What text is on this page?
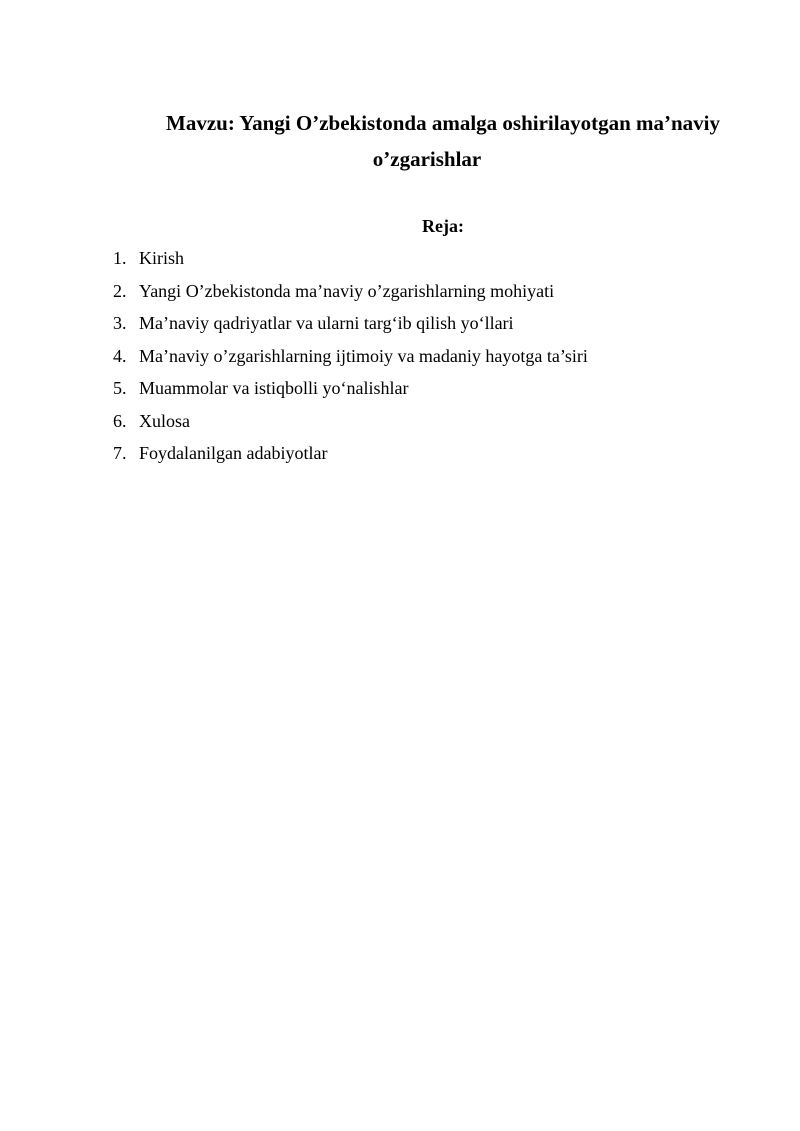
Mavzu: Yangi O’zbekistonda amalga oshirilayotgan ma’naviy
o’zgarishlar
Reja:
1. Kirish
2. Yangi O’zbekistonda ma’naviy o’zgarishlarning mohiyati
3. Ma’naviy qadriyatlar va ularni targ‘ib qilish yo‘llari
4. Ma’naviy o’zgarishlarning ijtimoiy va madaniy hayotga ta’siri
5. Muammolar va istiqbolli yo‘nalishlar
6. Xulosa
7. Foydalanilgan adabiyotlar
